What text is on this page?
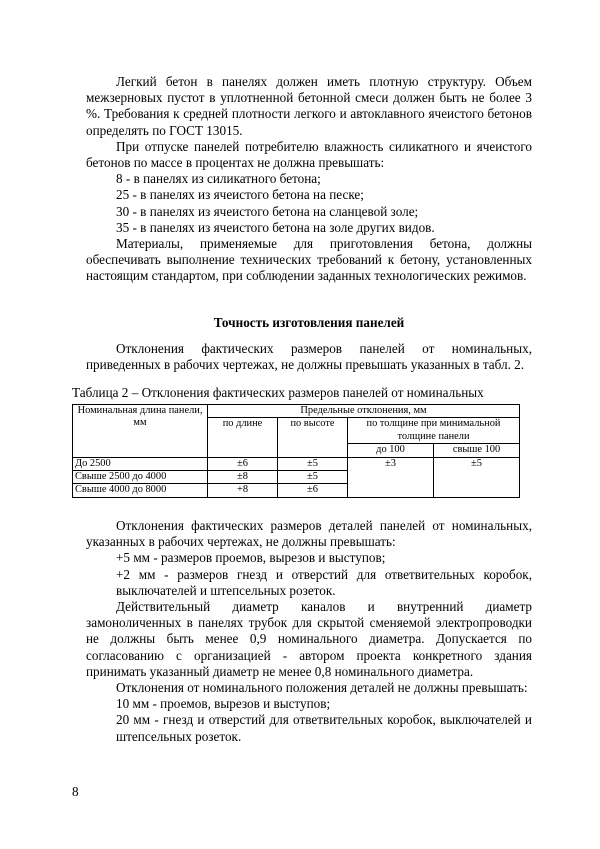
Легкий бетон в панелях должен иметь плотную структуру. Объем межзерновых пустот в уплотненной бетонной смеси должен быть не более 3 %. Требования к средней плотности легкого и автоклавного ячеистого бетонов определять по ГОСТ 13015.

При отпуске панелей потребителю влажность силикатного и ячеистого бетонов по массе в процентах не должна превышать:

8 - в панелях из силикатного бетона;
25 - в панелях из ячеистого бетона на песке;
30 - в панелях из ячеистого бетона на сланцевой золе;
35 - в панелях из ячеистого бетона на золе других видов.

Материалы, применяемые для приготовления бетона, должны обеспечивать выполнение технических требований к бетону, установленных настоящим стандартом, при соблюдении заданных технологических режимов.

Точность изготовления панелей

Отклонения фактических размеров панелей от номинальных, приведенных в рабочих чертежах, не должны превышать указанных в табл. 2.

Таблица 2 – Отклонения фактических размеров панелей от номинальных
Номинальная длина панели, мм	Предельные отклонения, мм			
	по длине	по высоте	по толщине при минимальной толщине панели	
			до 100	свыше 100
До 2500	±6	±5	±3	±5
Свыше 2500 до 4000	±8	±5		
Свыше 4000 до 8000	+8	±6		

Отклонения фактических размеров деталей панелей от номинальных, указанных в рабочих чертежах, не должны превышать:

+5 мм - размеров проемов, вырезов и выступов;
+2 мм - размеров гнезд и отверстий для ответвительных коробок, выключателей и штепсельных розеток.

Действительный диаметр каналов и внутренний диаметр замоноличенных в панелях трубок для скрытой сменяемой электропроводки не должны быть менее 0,9 номинального диаметра. Допускается по согласованию с организацией - автором проекта конкретного здания принимать указанный диаметр не менее 0,8 номинального диаметра.

Отклонения от номинального положения деталей не должны превышать:

10 мм - проемов, вырезов и выступов;
20 мм - гнезд и отверстий для ответвительных коробок, выключателей и штепсельных розеток.
8
